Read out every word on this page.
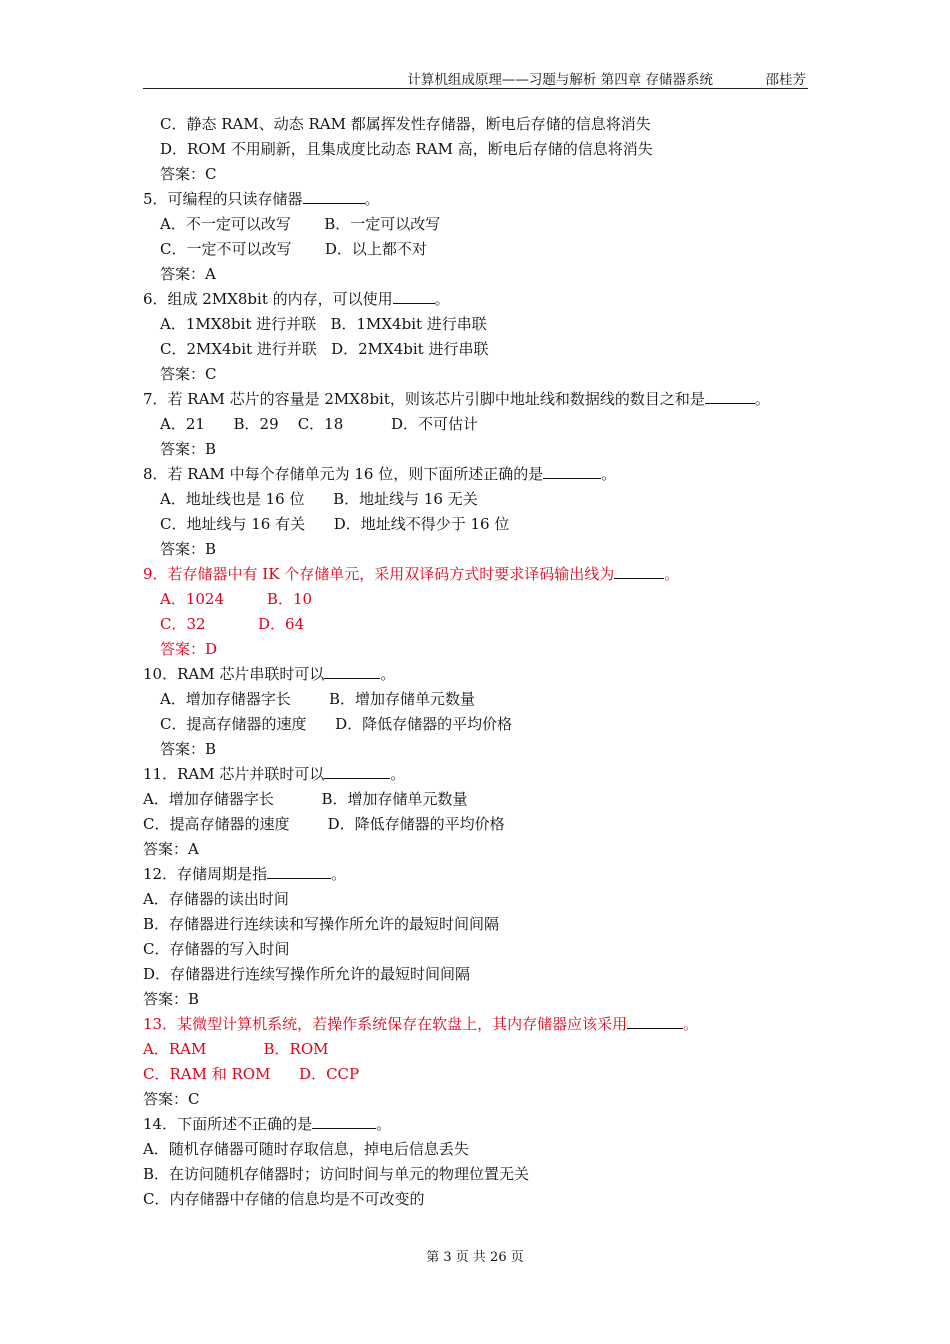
计算机组成原理——习题与解析 第四章 存储器系统	邵桂芳
C．静态 RAM、动态 RAM 都属挥发性存储器，断电后存储的信息将消失
D．ROM 不用刷新，且集成度比动态 RAM 高，断电后存储的信息将消失
答案：C
5．可编程的只读存储器	。
A．不一定可以改写       B．一定可以改写
C．一定不可以改写       D．以上都不对
答案：A
6．组成 2MX8bit 的内存，可以使用	。
A．1MX8bit 进行并联   B．1MX4bit 进行串联
C．2MX4bit 进行并联   D．2MX4bit 进行串联
答案：C
7．若 RAM 芯片的容量是 2MX8bit，则该芯片引脚中地址线和数据线的数目之和是	。
A．21      B．29    C．18          D．不可估计
答案：B
8．若 RAM 中每个存储单元为 16 位，则下面所述正确的是	。
A．地址线也是 16 位      B．地址线与 16 无关
C．地址线与 16 有关      D．地址线不得少于 16 位
答案：B
9．若存储器中有 IK 个存储单元，采用双译码方式时要求译码输出线为	。
A．1024         B．10
C．32           D．64
答案：D
10．RAM 芯片串联时可以	。
A．增加存储器字长        B．增加存储单元数量
C．提高存储器的速度      D．降低存储器的平均价格
答案：B
11．RAM 芯片并联时可以	。
A．增加存储器字长          B．增加存储单元数量
C．提高存储器的速度        D．降低存储器的平均价格
答案：A
12．存储周期是指	。
A．存储器的读出时间
B．存储器进行连续读和写操作所允许的最短时间间隔
C．存储器的写入时间
D．存储器进行连续写操作所允许的最短时间间隔
答案：B
13．某微型计算机系统，若操作系统保存在软盘上，其内存储器应该采用	。
A．RAM            B．ROM
C．RAM 和 ROM      D．CCP
答案：C
14．下面所述不正确的是	。
A．随机存储器可随时存取信息，掉电后信息丢失
B．在访问随机存储器时；访问时间与单元的物理位置无关
C．内存储器中存储的信息均是不可改变的
第 3 页 共 26 页
